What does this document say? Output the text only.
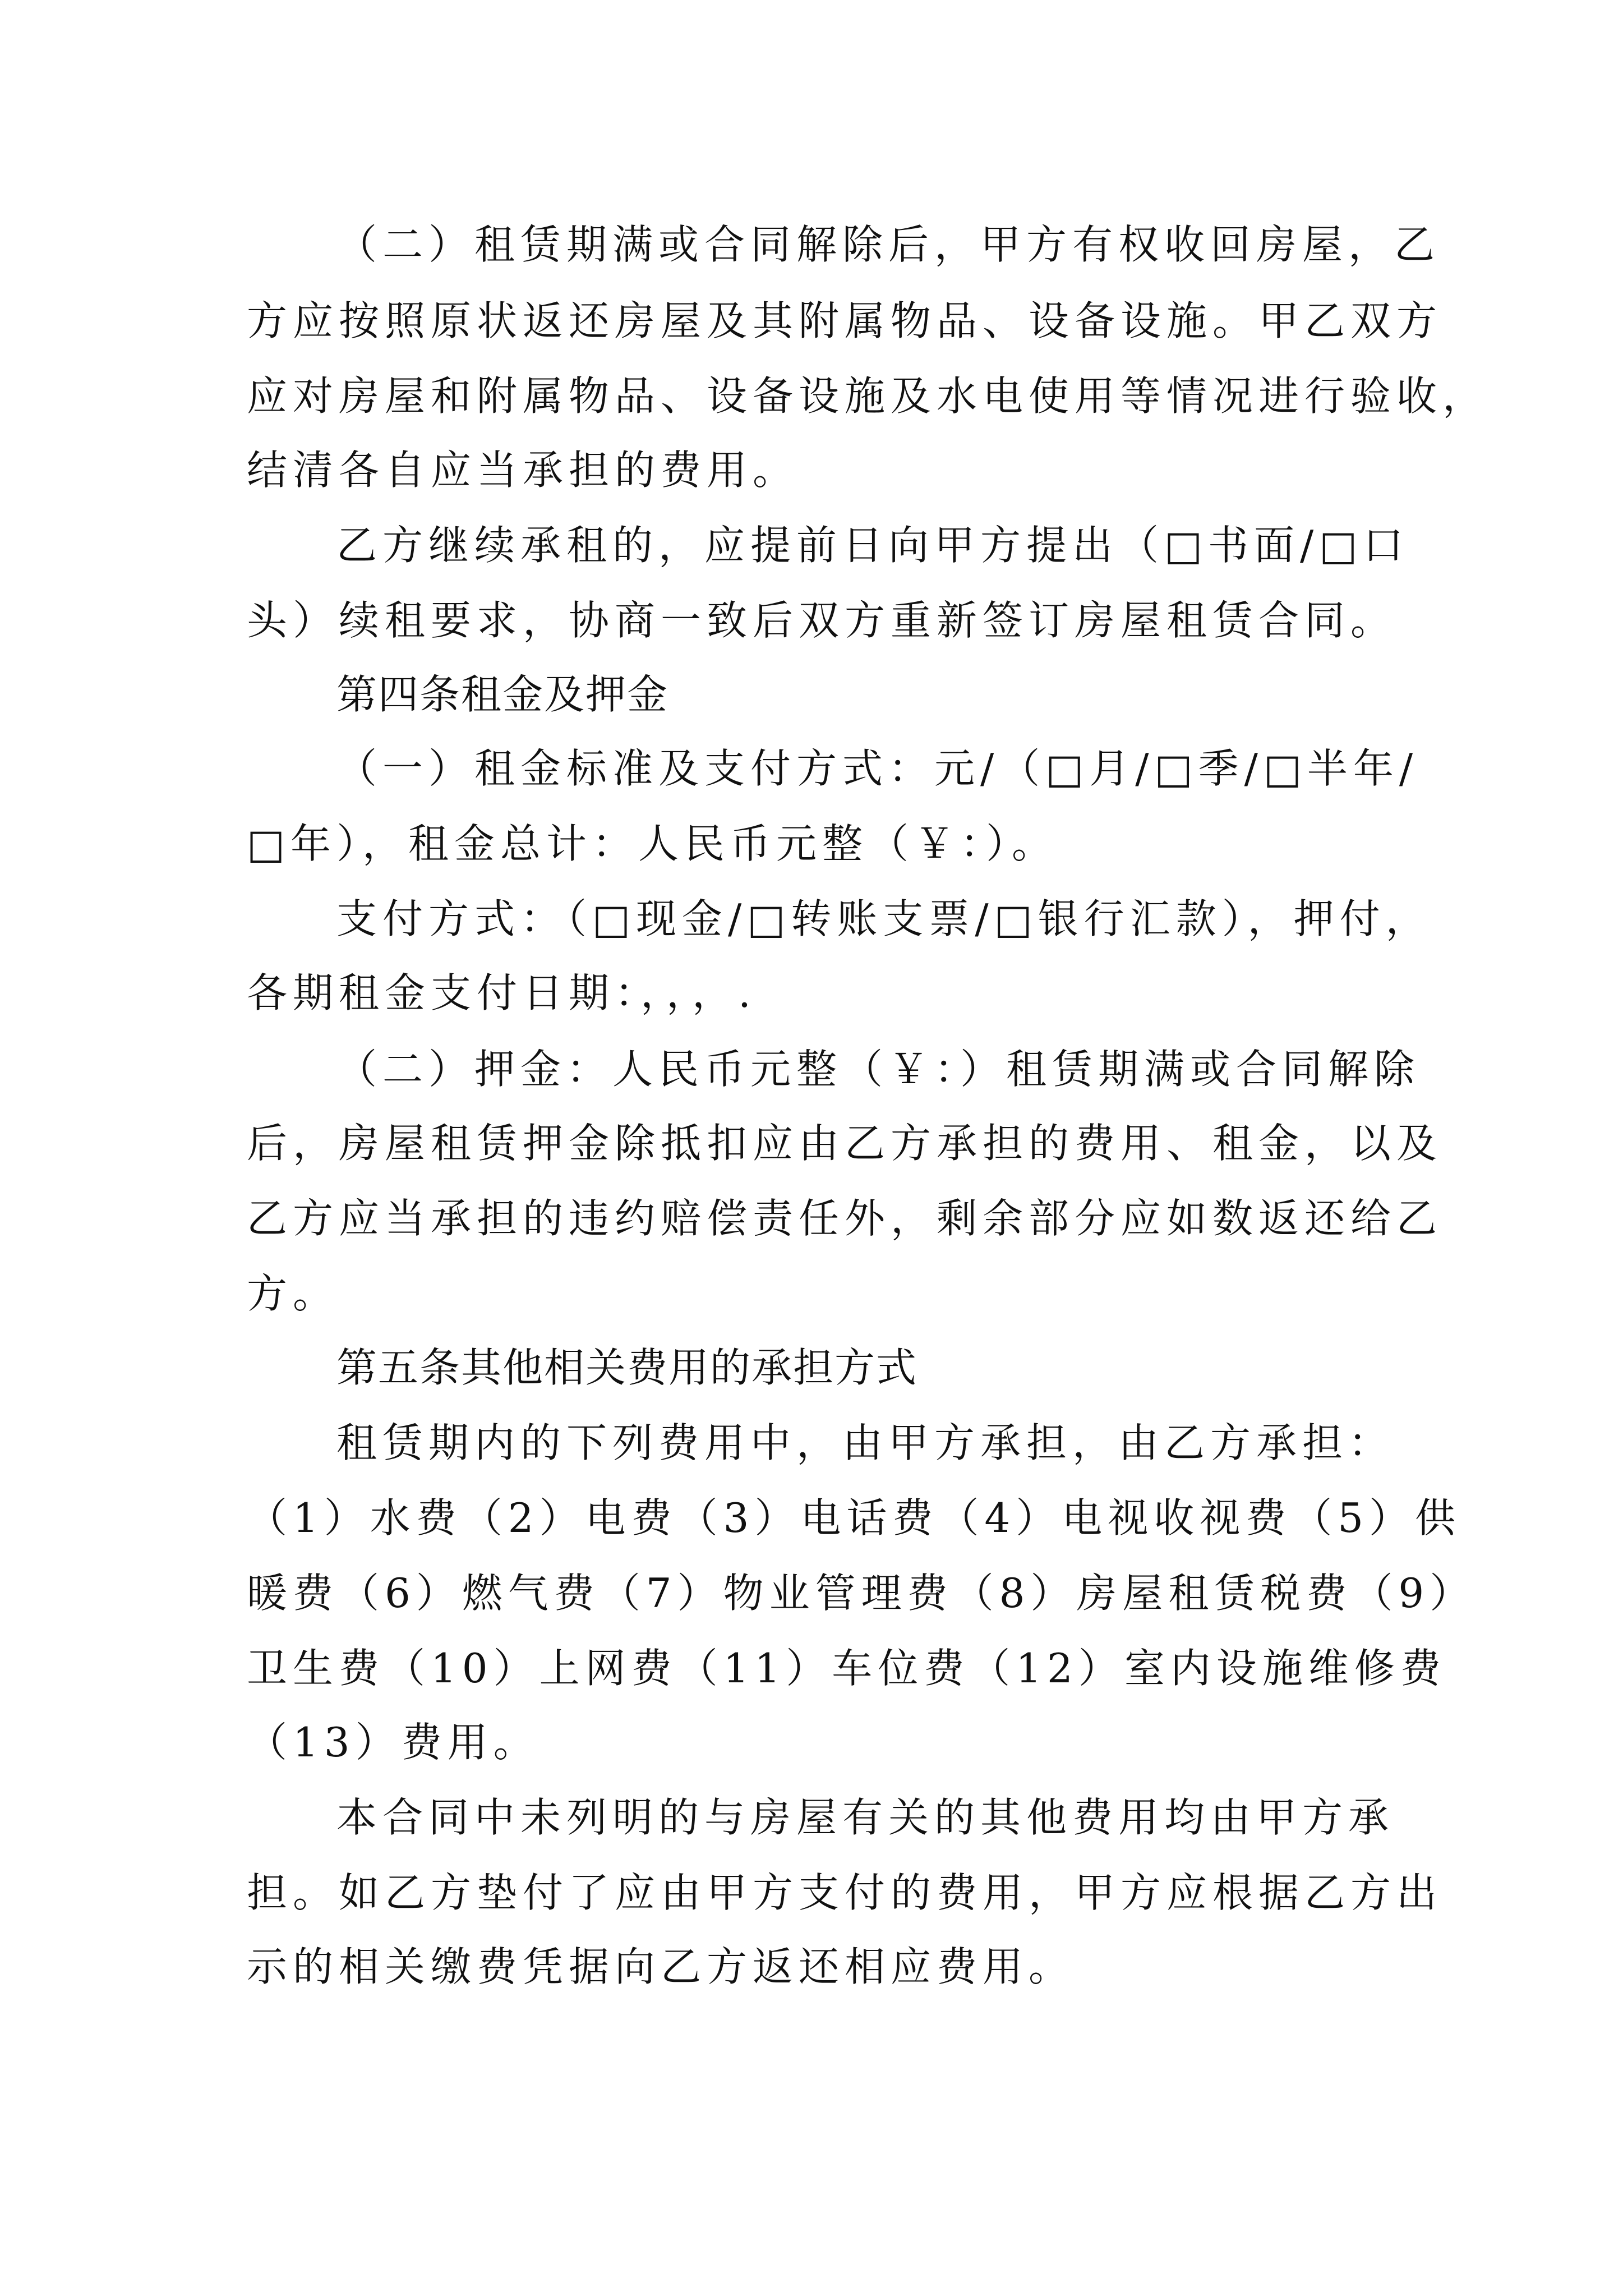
（二）租赁期满或合同解除后，甲方有权收回房屋，乙

方应按照原状返还房屋及其附属物品、设备设施。甲乙双方

应对房屋和附属物品、设备设施及水电使用等情况进行验收，

结清各自应当承担的费用。

乙方继续承租的，应提前日向甲方提出（□书面/□口

头）续租要求，协商一致后双方重新签订房屋租赁合同。

第四条租金及押金

（一）租金标准及支付方式：元/（□月/□季/□半年/

□年），租金总计：人民币元整（￥：）。

支付方式：（□现金/□转账支票/□银行汇款），押付，

各期租金支付日期：，，，.

（二）押金：人民币元整（￥：）租赁期满或合同解除

后，房屋租赁押金除抵扣应由乙方承担的费用、租金，以及

乙方应当承担的违约赔偿责任外，剩余部分应如数返还给乙

方。

第五条其他相关费用的承担方式

租赁期内的下列费用中，由甲方承担，由乙方承担：

（1）水费（2）电费（3）电话费（4）电视收视费（5）供

暖费（6）燃气费（7）物业管理费（8）房屋租赁税费（9）

卫生费（10）上网费（11）车位费（12）室内设施维修费

（13）费用。

本合同中未列明的与房屋有关的其他费用均由甲方承

担。如乙方垫付了应由甲方支付的费用，甲方应根据乙方出

示的相关缴费凭据向乙方返还相应费用。
